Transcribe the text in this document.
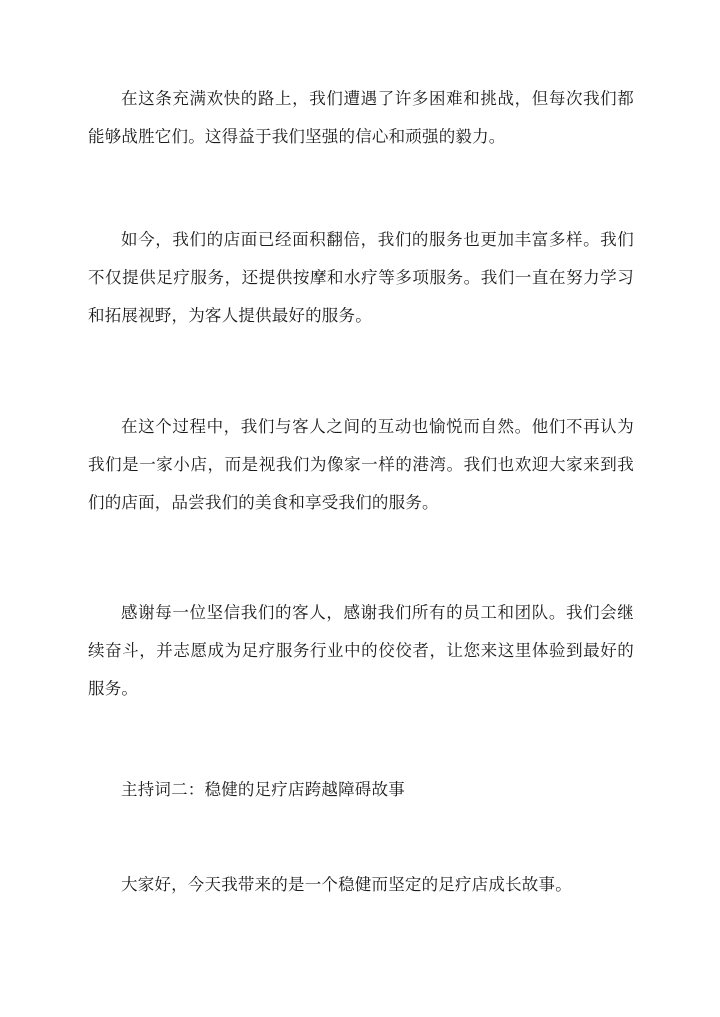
在这条充满欢快的路上，我们遭遇了许多困难和挑战，但每次我们都能够战胜它们。这得益于我们坚强的信心和顽强的毅力。

如今，我们的店面已经面积翻倍，我们的服务也更加丰富多样。我们不仅提供足疗服务，还提供按摩和水疗等多项服务。我们一直在努力学习和拓展视野，为客人提供最好的服务。

在这个过程中，我们与客人之间的互动也愉悦而自然。他们不再认为我们是一家小店，而是视我们为像家一样的港湾。我们也欢迎大家来到我们的店面，品尝我们的美食和享受我们的服务。

感谢每一位坚信我们的客人，感谢我们所有的员工和团队。我们会继续奋斗，并志愿成为足疗服务行业中的佼佼者，让您来这里体验到最好的服务。

主持词二：稳健的足疗店跨越障碍故事

大家好，今天我带来的是一个稳健而坚定的足疗店成长故事。
